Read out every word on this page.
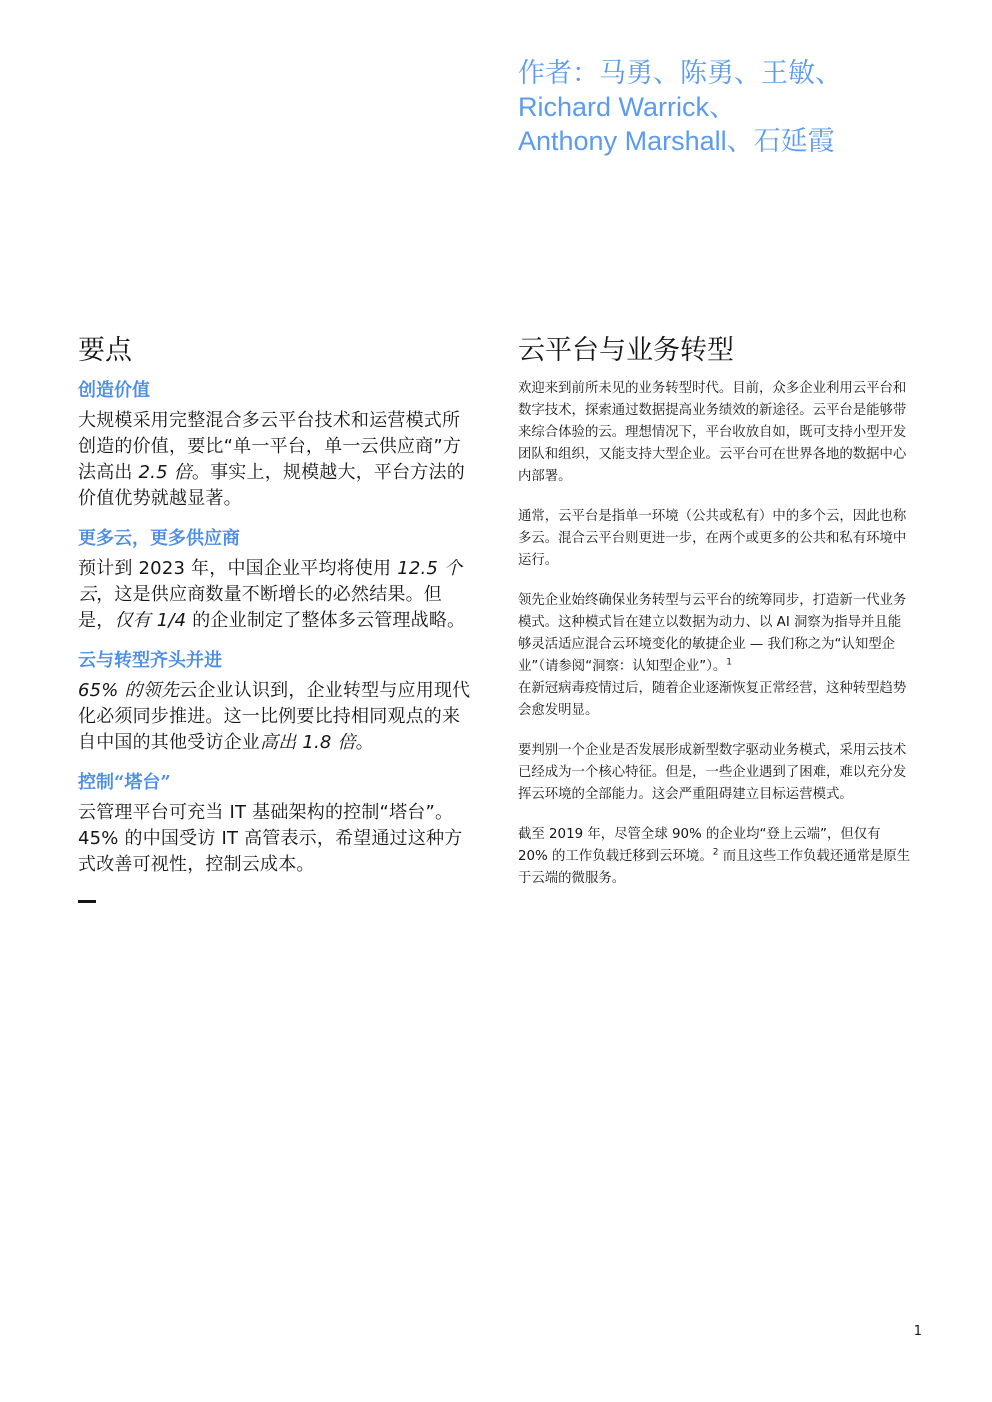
作者：马勇、陈勇、王敏、
Richard Warrick、
Anthony Marshall、石延霞
要点
创造价值

大规模采用完整混合多云平台技术和运营模式所创造的价值，要比“单一平台，单一云供应商”方法高出 2.5 倍。事实上，规模越大，平台方法的价值优势就越显著。

更多云，更多供应商

预计到 2023 年，中国企业平均将使用 12.5 个云，这是供应商数量不断增长的必然结果。但是，仅有 1/4 的企业制定了整体多云管理战略。

云与转型齐头并进

65% 的领先云企业认识到，企业转型与应用现代化必须同步推进。这一比例要比持相同观点的来自中国的其他受访企业高出 1.8 倍。

控制“塔台”

云管理平台可充当 IT 基础架构的控制“塔台”。45% 的中国受访 IT 高管表示，希望通过这种方式改善可视性，控制云成本。

云平台与业务转型

欢迎来到前所未见的业务转型时代。目前，众多企业利用云平台和数字技术，探索通过数据提高业务绩效的新途径。云平台是能够带来综合体验的云。理想情况下，平台收放自如，既可支持小型开发团队和组织，又能支持大型企业。云平台可在世界各地的数据中心内部署。

通常，云平台是指单一环境（公共或私有）中的多个云，因此也称多云。混合云平台则更进一步，在两个或更多的公共和私有环境中运行。

领先企业始终确保业务转型与云平台的统筹同步，打造新一代业务模式。这种模式旨在建立以数据为动力、以 AI 洞察为指导并且能够灵活适应混合云环境变化的敏捷企业 — 我们称之为“认知型企业”（请参阅“洞察：认知型企业”）。$^1$
在新冠病毒疫情过后，随着企业逐渐恢复正常经营，这种转型趋势会愈发明显。

要判别一个企业是否发展形成新型数字驱动业务模式，采用云技术已经成为一个核心特征。但是，一些企业遇到了困难，难以充分发挥云环境的全部能力。这会严重阻碍建立目标运营模式。

截至 2019 年，尽管全球 90% 的企业均“登上云端”，但仅有 20% 的工作负载迁移到云环境。$^2$ 而且这些工作负载还通常是原生于云端的微服务。

1
